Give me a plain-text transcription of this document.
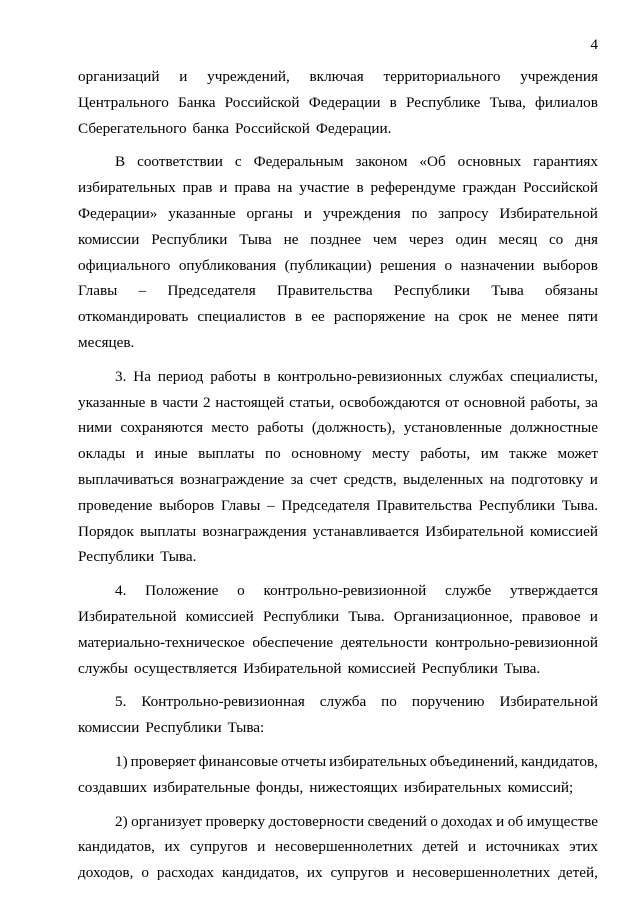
4
организаций и учреждений, включая территориального учреждения
Центрального Банка Российской Федерации в Республике Тыва, филиалов
Сберегательного банка Российской Федерации.
В соответствии с Федеральным законом «Об основных гарантиях
избирательных прав и права на участие в референдуме граждан Российской
Федерации» указанные органы и учреждения по запросу Избирательной
комиссии Республики Тыва не позднее чем через один месяц со дня
официального опубликования (публикации) решения о назначении выборов
Главы – Председателя Правительства Республики Тыва обязаны
откомандировать специалистов в ее распоряжение на срок не менее пяти
месяцев.
3. На период работы в контрольно-ревизионных службах специалисты,
указанные в части 2 настоящей статьи, освобождаются от основной работы, за
ними сохраняются место работы (должность), установленные должностные
оклады и иные выплаты по основному месту работы, им также может
выплачиваться вознаграждение за счет средств, выделенных на подготовку и
проведение выборов Главы – Председателя Правительства Республики Тыва.
Порядок выплаты вознаграждения устанавливается Избирательной комиссией
Республики Тыва.
4. Положение о контрольно-ревизионной службе утверждается
Избирательной комиссией Республики Тыва. Организационное, правовое и
материально-техническое обеспечение деятельности контрольно-ревизионной
службы осуществляется Избирательной комиссией Республики Тыва.
5. Контрольно-ревизионная служба по поручению Избирательной
комиссии Республики Тыва:
1) проверяет финансовые отчеты избирательных объединений, кандидатов,
создавших избирательные фонды, нижестоящих избирательных комиссий;
2) организует проверку достоверности сведений о доходах и об имуществе
кандидатов, их супругов и несовершеннолетних детей и источниках этих
доходов, о расходах кандидатов, их супругов и несовершеннолетних детей,
